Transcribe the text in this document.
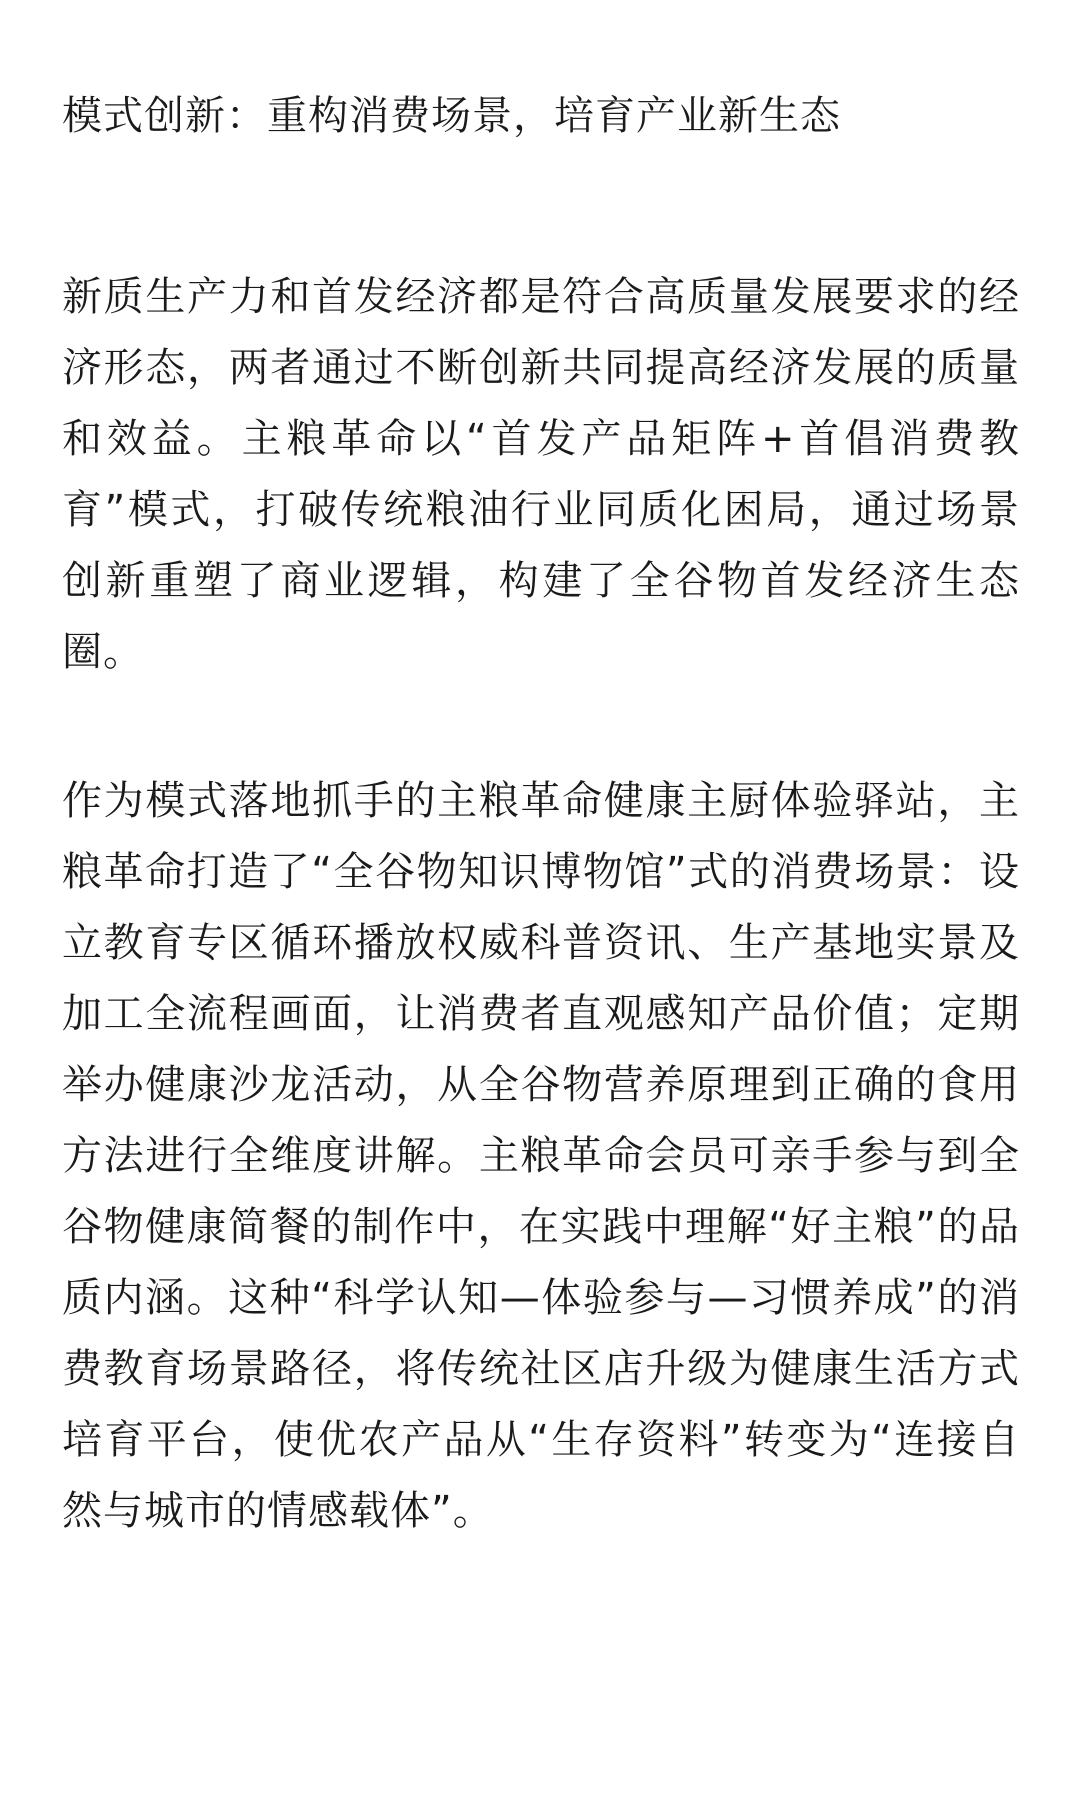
模式创新：重构消费场景，培育产业新生态

新质生产力和首发经济都是符合高质量发展要求的经济形态，两者通过不断创新共同提高经济发展的质量和效益。主粮革命以“首发产品矩阵+首倡消费教育”模式，打破传统粮油行业同质化困局，通过场景创新重塑了商业逻辑，构建了全谷物首发经济生态圈。

作为模式落地抓手的主粮革命健康主厨体验驿站，主粮革命打造了“全谷物知识博物馆”式的消费场景：设立教育专区循环播放权威科普资讯、生产基地实景及加工全流程画面，让消费者直观感知产品价值；定期举办健康沙龙活动，从全谷物营养原理到正确的食用方法进行全维度讲解。主粮革命会员可亲手参与到全谷物健康简餐的制作中，在实践中理解“好主粮”的品质内涵。这种“科学认知—体验参与—习惯养成”的消费教育场景路径，将传统社区店升级为健康生活方式培育平台，使优农产品从“生存资料”转变为“连接自然与城市的情感载体”。
